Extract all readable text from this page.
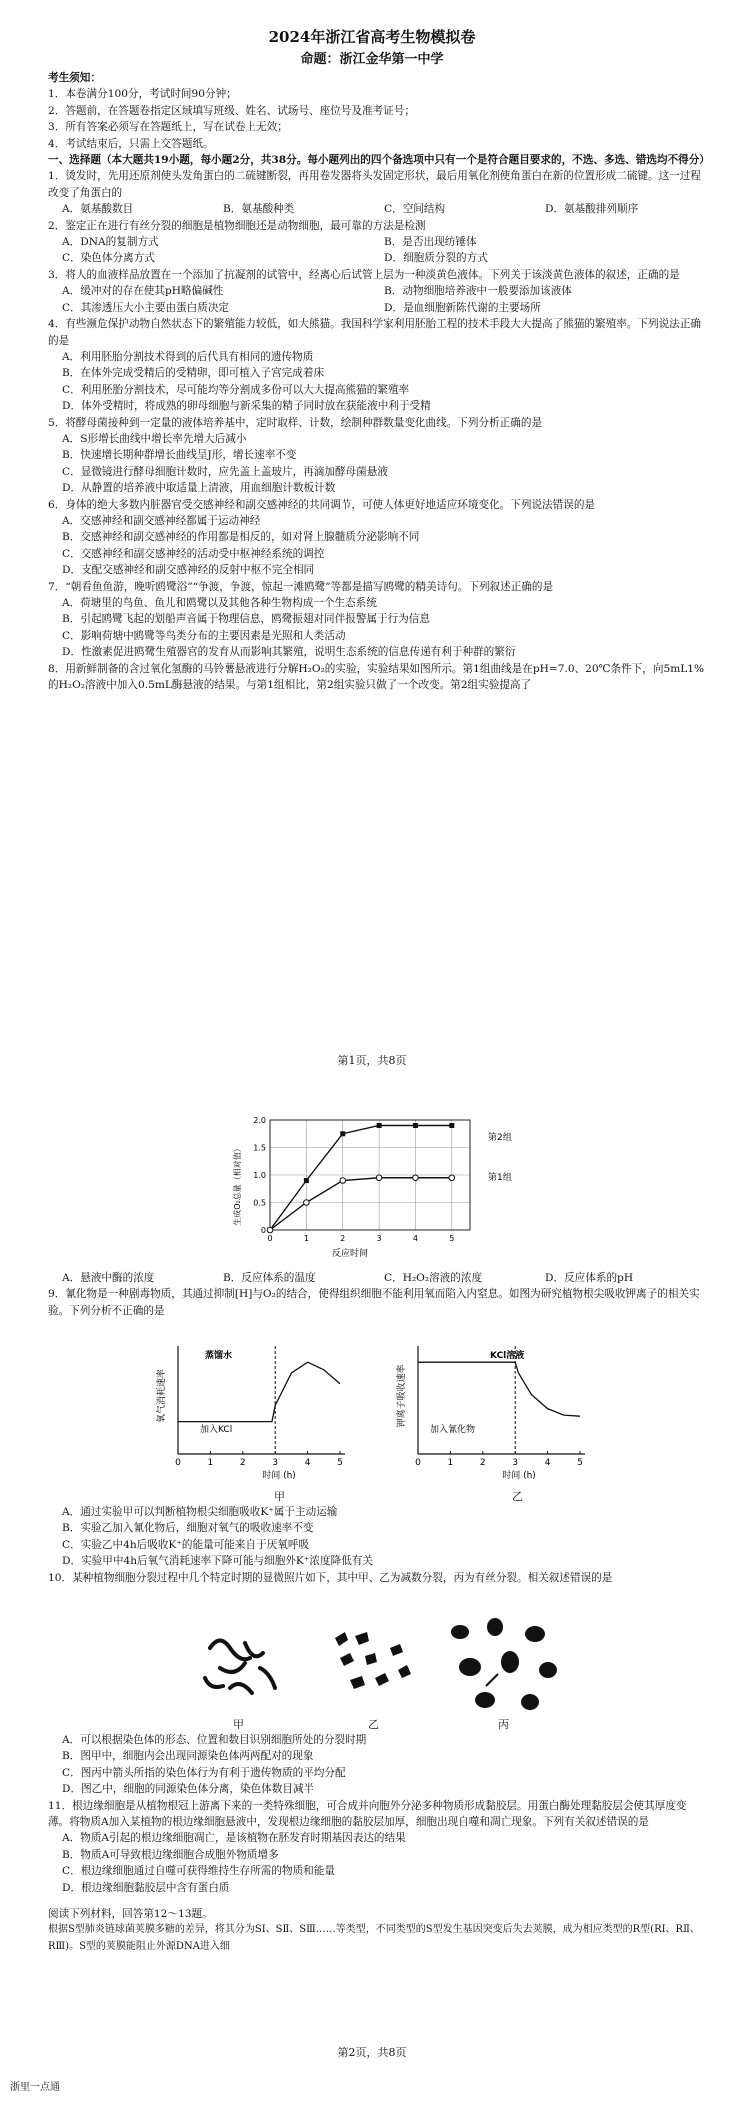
2024年浙江省高考生物模拟卷
命题：浙江金华第一中学

考生须知：

1．本卷满分100分，考试时间90分钟；

2．答题前，在答题卷指定区域填写班级、姓名、试场号、座位号及准考证号；

3．所有答案必须写在答题纸上，写在试卷上无效；

4．考试结束后，只需上交答题纸。

一、选择题（本大题共19小题，每小题2分，共38分。每小题列出的四个备选项中只有一个是符合题目要求的，不选、多选、错选均不得分）

1．烫发时，先用还原剂使头发角蛋白的二硫键断裂，再用卷发器将头发固定形状，最后用氧化剂使角蛋白在新的位置形成二硫键。这一过程改变了角蛋白的

A．氨基酸数目	B．氨基酸种类	C．空间结构	D．氨基酸排列顺序

2．鉴定正在进行有丝分裂的细胞是植物细胞还是动物细胞，最可靠的方法是检测

A．DNA的复制方式	B．是否出现纺锤体
C．染色体分离方式	D．细胞质分裂的方式

3．将人的血液样品放置在一个添加了抗凝剂的试管中，经离心后试管上层为一种淡黄色液体。下列关于该淡黄色液体的叙述，正确的是

A．缓冲对的存在使其pH略偏碱性	B．动物细胞培养液中一般要添加该液体
C．其渗透压大小主要由蛋白质决定	D．是血细胞新陈代谢的主要场所

4．有些濒危保护动物自然状态下的繁殖能力较低，如大熊猫。我国科学家利用胚胎工程的技术手段大大提高了熊猫的繁殖率。下列说法正确的是

A．利用胚胎分割技术得到的后代具有相同的遗传物质

B．在体外完成受精后的受精卵，即可植入子宫完成着床

C．利用胚胎分割技术，尽可能均等分割成多份可以大大提高熊猫的繁殖率

D．体外受精时，将成熟的卵母细胞与新采集的精子同时放在获能液中利于受精

5．将酵母菌接种到一定量的液体培养基中，定时取样、计数，绘制种群数量变化曲线。下列分析正确的是

A．S形增长曲线中增长率先增大后减小

B．快速增长期种群增长曲线呈J形，增长速率不变

C．显微镜进行酵母细胞计数时，应先盖上盖玻片，再滴加酵母菌悬液

D．从静置的培养液中取适量上清液，用血细胞计数板计数

6．身体的绝大多数内脏器官受交感神经和副交感神经的共同调节，可使人体更好地适应环境变化。下列说法错误的是

A．交感神经和副交感神经都属于运动神经

B．交感神经和副交感神经的作用都是相反的，如对肾上腺髓质分泌影响不同

C．交感神经和副交感神经的活动受中枢神经系统的调控

D．支配交感神经和副交感神经的反射中枢不完全相同

7．“朝看鱼鱼游，晚听鸥鹭浴”“争渡，争渡，惊起一滩鸥鹭”等都是描写鸥鹭的精美诗句。下列叙述正确的是

A．荷塘里的鸟鱼、鱼儿和鸥鹭以及其他各种生物构成一个生态系统

B．引起鸥鹭飞起的划船声音属于物理信息，鸥鹭振翅对同伴报警属于行为信息

C．影响荷塘中鸥鹭等鸟类分布的主要因素是光照和人类活动

D．性激素促进鸥鹭生殖器官的发育从而影响其繁殖，说明生态系统的信息传递有利于种群的繁衍

8．用新鲜制备的含过氧化氢酶的马铃薯悬液进行分解H₂O₂的实验，实验结果如图所示。第1组曲线是在pH=7.0、20℃条件下，向5mL1%的H₂O₂溶液中加入0.5mL酶悬液的结果。与第1组相比，第2组实验只做了一个改变。第2组实验提高了

第1页，共8页
生成O₂总量（相对值）
反应时间
第2组
第1组
0
0.5
1.0
1.5
2.0
0	1	2	3	4	5
A．悬液中酶的浓度	B．反应体系的温度	C．H₂O₂溶液的浓度	D．反应体系的pH

9．氰化物是一种剧毒物质，其通过抑制[H]与O₂的结合，使得组织细胞不能利用氧而陷入内窒息。如图为研究植物根尖吸收钾离子的相关实验。下列分析不正确的是

0	1	2	3	4	5
时间 (h)
氧气消耗速率
蒸馏水
加入KCl
0	1	2	3	4	5
时间 (h)
钾离子吸收速率
KCl溶液
加入氰化物
甲	乙

A．通过实验甲可以判断植物根尖细胞吸收K⁺属于主动运输

B．实验乙加入氰化物后，细胞对氧气的吸收速率不变

C．实验乙中4h后吸收K⁺的能量可能来自于厌氧呼吸

D．实验甲中4h后氧气消耗速率下降可能与细胞外K⁺浓度降低有关

10．某种植物细胞分裂过程中几个特定时期的显微照片如下，其中甲、乙为减数分裂，丙为有丝分裂。相关叙述错误的是

甲	乙	丙

A．可以根据染色体的形态、位置和数目识别细胞所处的分裂时期

B．图甲中，细胞内会出现同源染色体两两配对的现象

C．图丙中箭头所指的染色体行为有利于遗传物质的平均分配

D．图乙中，细胞的同源染色体分离，染色体数目减半

11．根边缘细胞是从植物根冠上游离下来的一类特殊细胞，可合成并向胞外分泌多种物质形成黏胶层。用蛋白酶处理黏胶层会使其厚度变薄。将物质A加入某植物的根边缘细胞悬液中，发现根边缘细胞的黏胶层加厚，细胞出现自噬和凋亡现象。下列有关叙述错误的是

A．物质A引起的根边缘细胞凋亡，是该植物在胚发育时期基因表达的结果

B．物质A可导致根边缘细胞合成胞外物质增多

C．根边缘细胞通过自噬可获得维持生存所需的物质和能量

D．根边缘细胞黏胶层中含有蛋白质

阅读下列材料，回答第12～13题。

根据S型肺炎链球菌荚膜多糖的差异，将其分为SⅠ、SⅡ、SⅢ……等类型，不同类型的S型发生基因突变后失去荚膜，成为相应类型的R型(RⅠ、RⅡ、RⅢ)。S型的荚膜能阻止外源DNA进入细

第2页，共8页
浙里一点通
